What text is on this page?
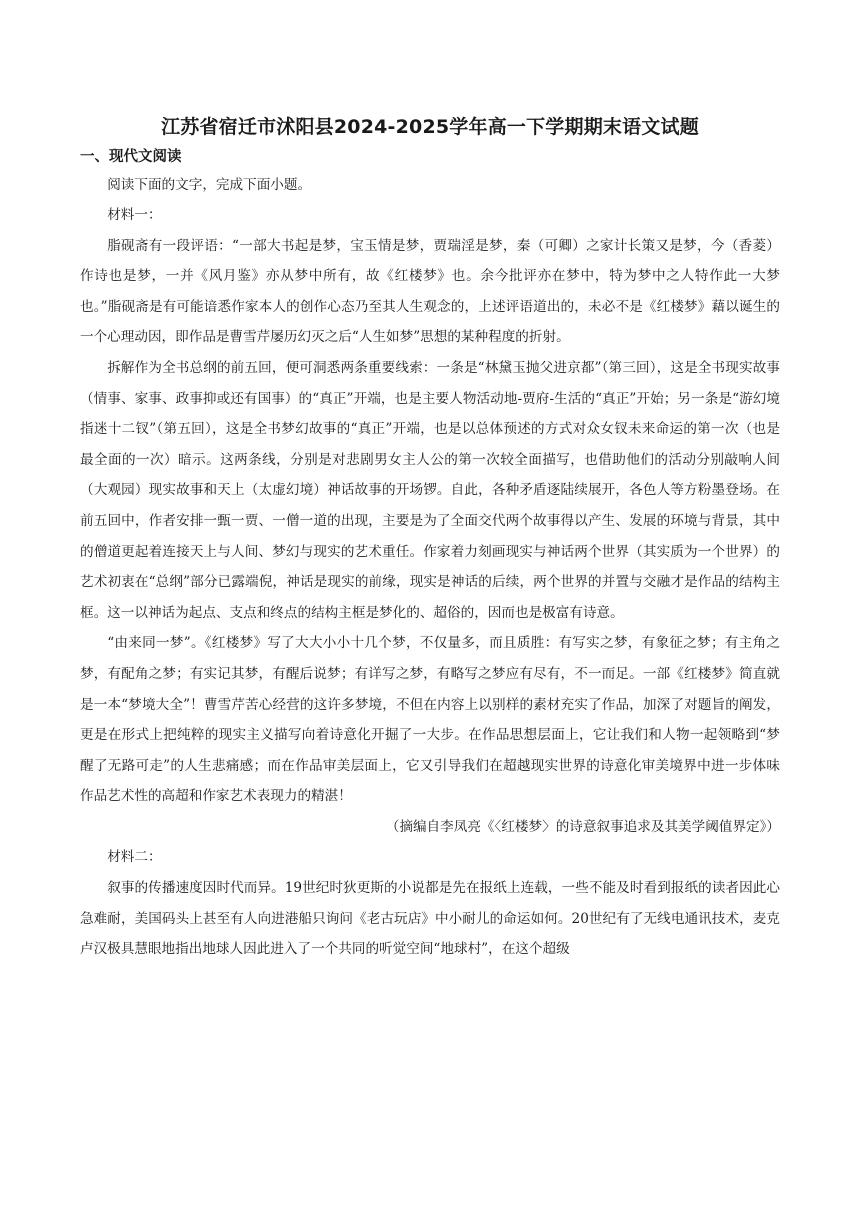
江苏省宿迁市沭阳县2024-2025学年高一下学期期末语文试题

一、现代文阅读

阅读下面的文字，完成下面小题。

材料一：

脂砚斋有一段评语：“一部大书起是梦，宝玉情是梦，贾瑞淫是梦，秦（可卿）之家计长策又是梦，今（香菱）作诗也是梦，一并《风月鉴》亦从梦中所有，故《红楼梦》也。余今批评亦在梦中，特为梦中之人特作此一大梦也。”脂砚斋是有可能谙悉作家本人的创作心态乃至其人生观念的，上述评语道出的，未必不是《红楼梦》藉以诞生的一个心理动因，即作品是曹雪芹屡历幻灭之后“人生如梦”思想的某种程度的折射。

拆解作为全书总纲的前五回，便可洞悉两条重要线索：一条是“林黛玉抛父进京都”（第三回），这是全书现实故事（情事、家事、政事抑或还有国事）的“真正”开端，也是主要人物活动地-贾府-生活的“真正”开始；另一条是“游幻境指迷十二钗”（第五回），这是全书梦幻故事的“真正”开端，也是以总体预述的方式对众女钗未来命运的第一次（也是最全面的一次）暗示。这两条线，分别是对悲剧男女主人公的第一次较全面描写，也借助他们的活动分别敲响人间（大观园）现实故事和天上（太虚幻境）神话故事的开场锣。自此，各种矛盾逐陆续展开，各色人等方粉墨登场。在前五回中，作者安排一甄一贾、一僧一道的出现，主要是为了全面交代两个故事得以产生、发展的环境与背景，其中的僧道更起着连接天上与人间、梦幻与现实的艺术重任。作家着力刻画现实与神话两个世界（其实质为一个世界）的艺术初衷在“总纲”部分已露端倪，神话是现实的前缘，现实是神话的后续，两个世界的并置与交融才是作品的结构主框。这一以神话为起点、支点和终点的结构主框是梦化的、超俗的，因而也是极富有诗意。

“由来同一梦”。《红楼梦》写了大大小小十几个梦，不仅量多，而且质胜：有写实之梦，有象征之梦；有主角之梦，有配角之梦；有实记其梦，有醒后说梦；有详写之梦，有略写之梦应有尽有，不一而足。一部《红楼梦》简直就是一本“梦境大全”！曹雪芹苦心经营的这许多梦境，不但在内容上以别样的素材充实了作品，加深了对题旨的阐发，更是在形式上把纯粹的现实主义描写向着诗意化开掘了一大步。在作品思想层面上，它让我们和人物一起领略到“梦醒了无路可走”的人生悲痛感；而在作品审美层面上，它又引导我们在超越现实世界的诗意化审美境界中进一步体味作品艺术性的高超和作家艺术表现力的精湛！

（摘编自李凤亮《〈红楼梦〉的诗意叙事追求及其美学阈值界定》）

材料二：

叙事的传播速度因时代而异。19世纪时狄更斯的小说都是先在报纸上连载，一些不能及时看到报纸的读者因此心急难耐，美国码头上甚至有人向进港船只询问《老古玩店》中小耐儿的命运如何。20世纪有了无线电通讯技术，麦克卢汉极具慧眼地指出地球人因此进入了一个共同的听觉空间“地球村”，在这个超级
